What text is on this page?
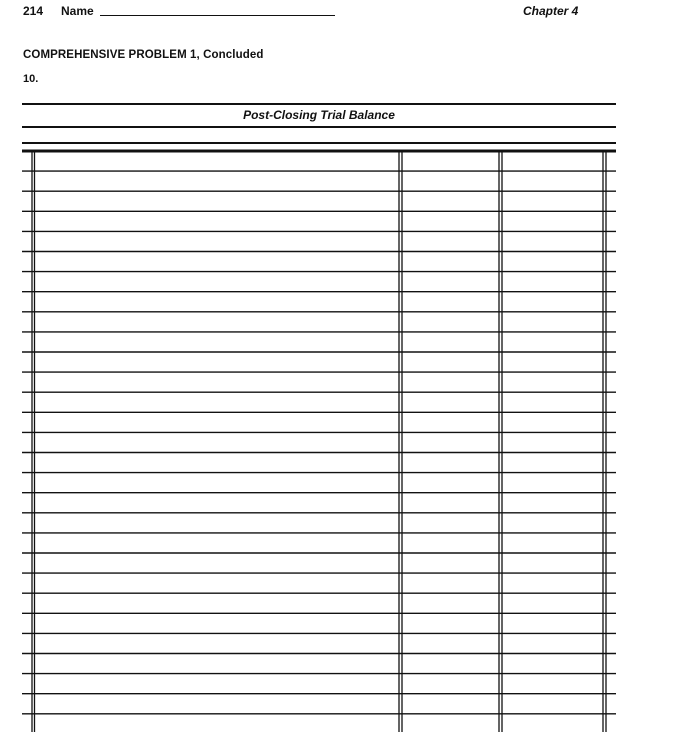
214 Name	Chapter 4
COMPREHENSIVE PROBLEM 1, Concluded
10.
Post-Closing Trial Balance
